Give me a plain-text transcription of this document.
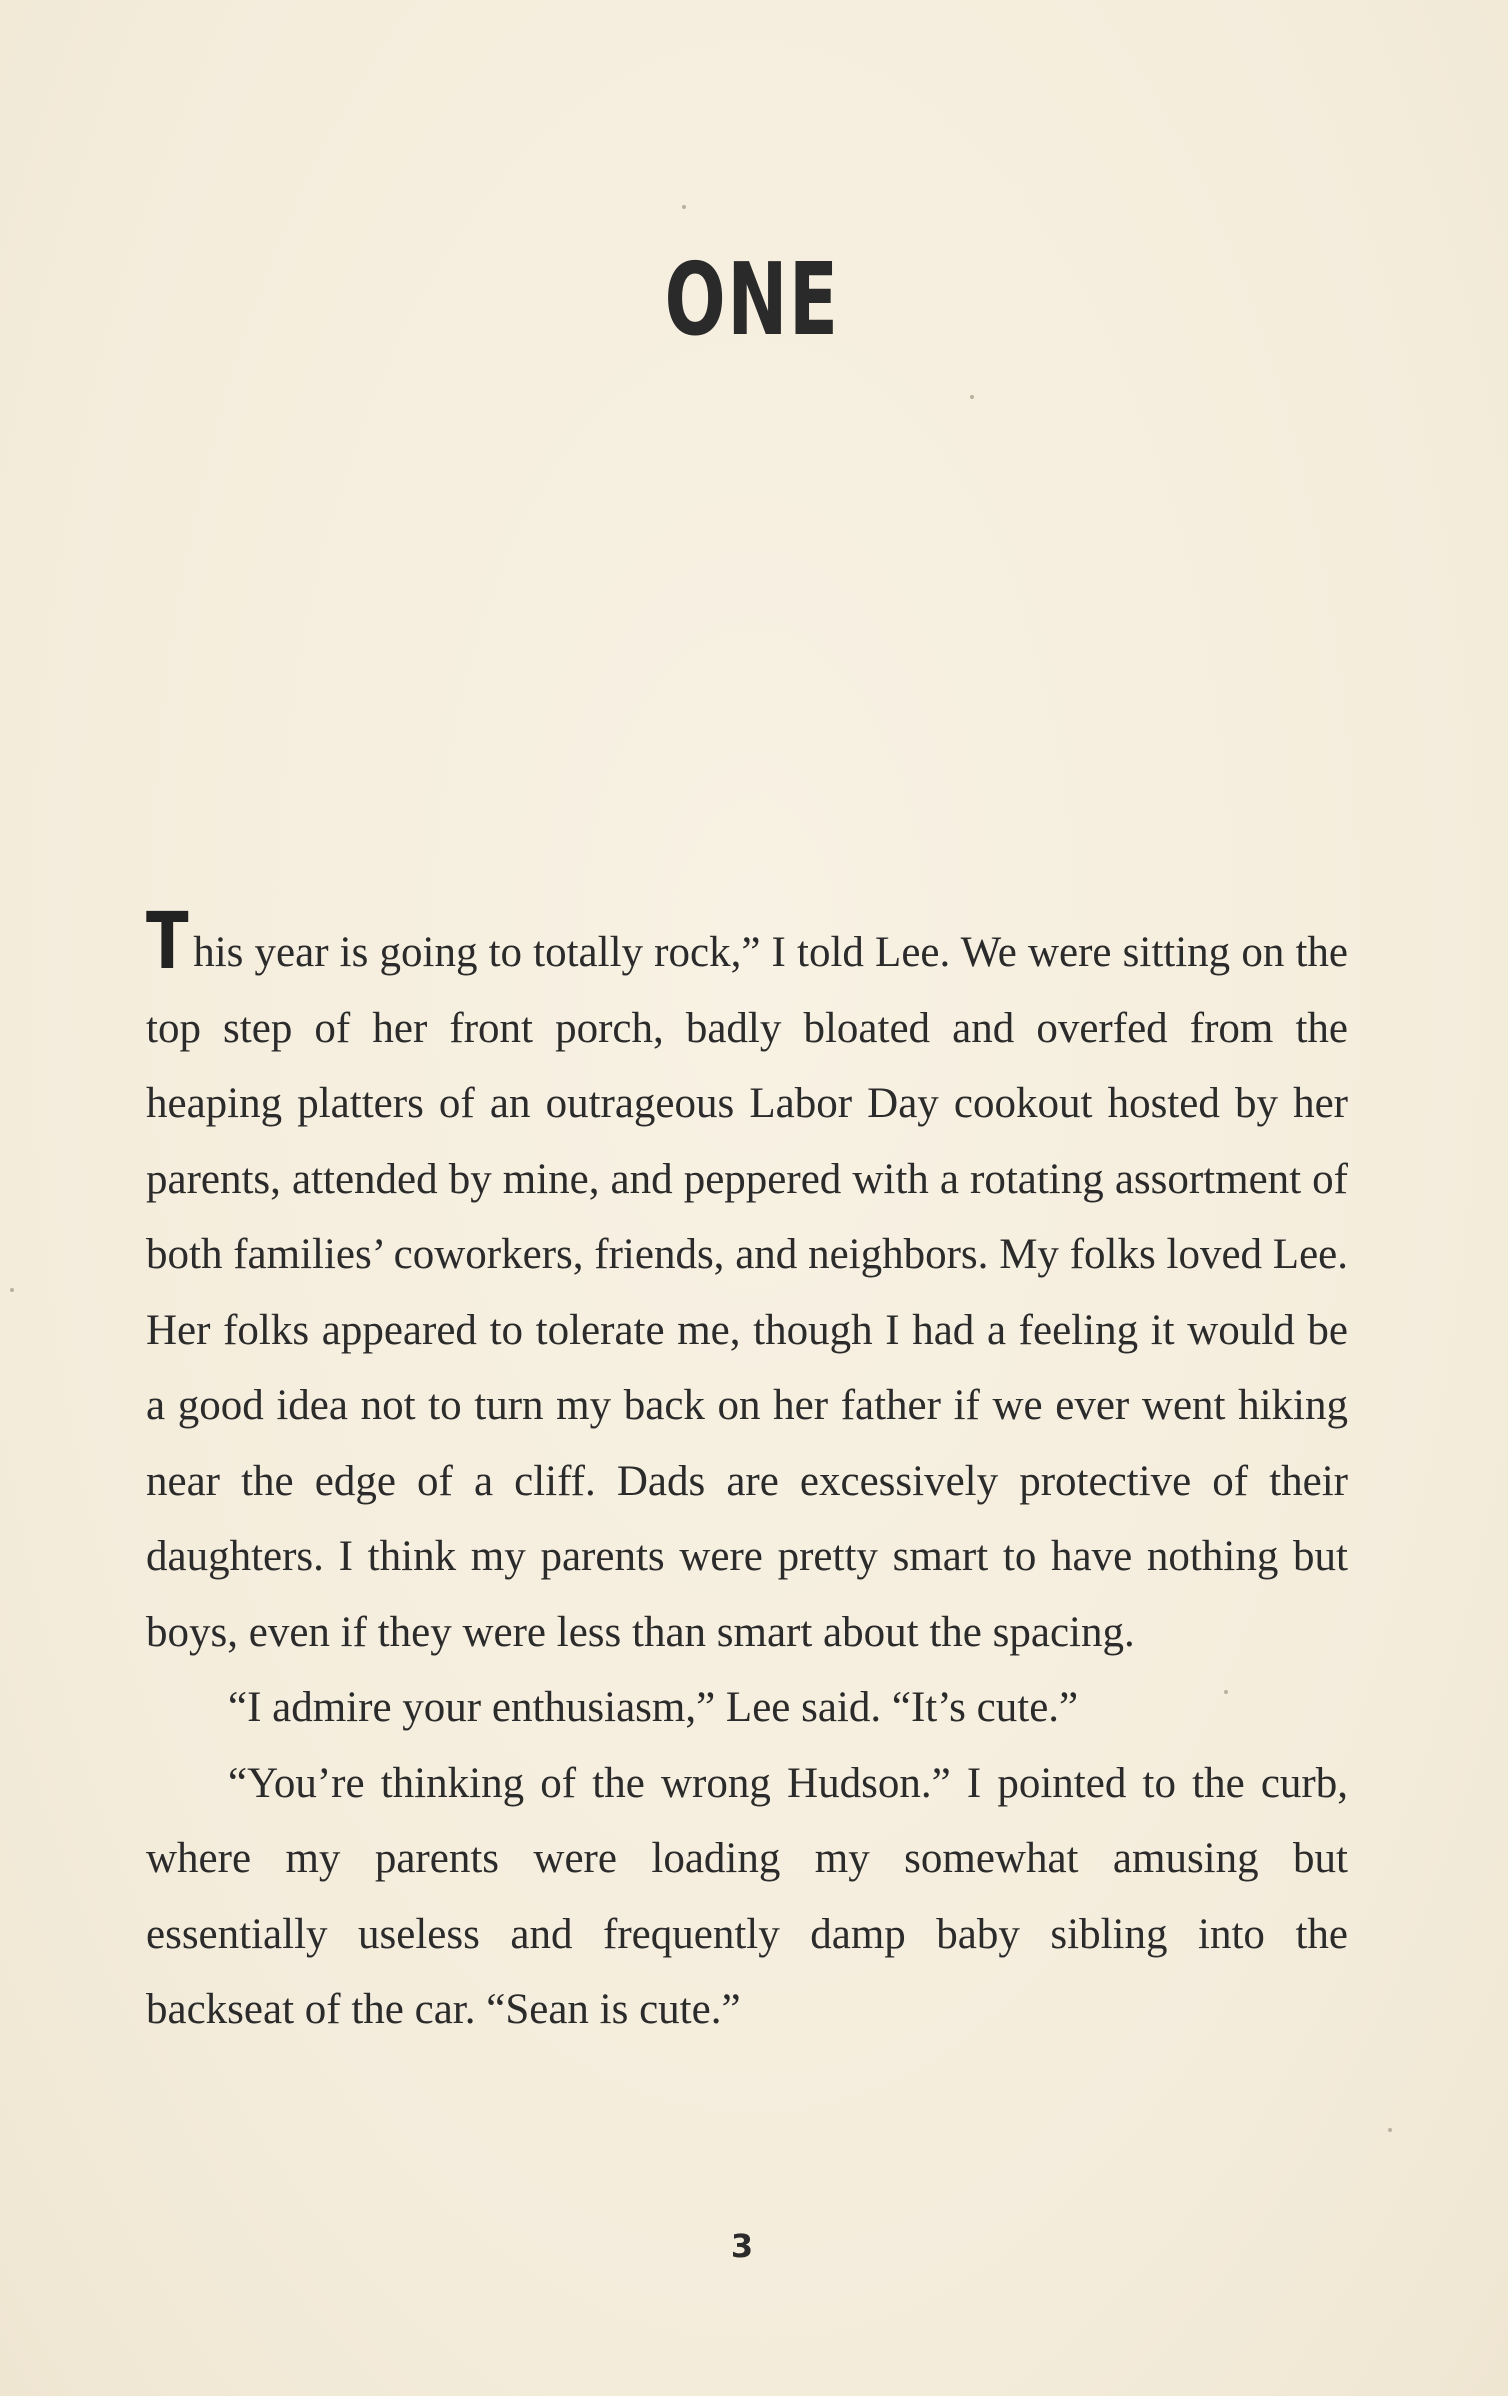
ONE

This year is going to totally rock,” I told Lee. We were sitting on the top step of her front porch, badly bloated and overfed from the heaping platters of an outrageous Labor Day cookout hosted by her parents, attended by mine, and peppered with a rotating assortment of both families’ coworkers, friends, and neighbors. My folks loved Lee. Her folks appeared to tolerate me, though I had a feeling it would be a good idea not to turn my back on her father if we ever went hiking near the edge of a cliff. Dads are excessively protective of their daughters. I think my parents were pretty smart to have nothing but boys, even if they were less than smart about the spacing.

“I admire your enthusiasm,” Lee said. “It’s cute.”

“You’re thinking of the wrong Hudson.” I pointed to the curb, where my parents were loading my somewhat amusing but essentially useless and frequently damp baby sibling into the backseat of the car. “Sean is cute.”

3
